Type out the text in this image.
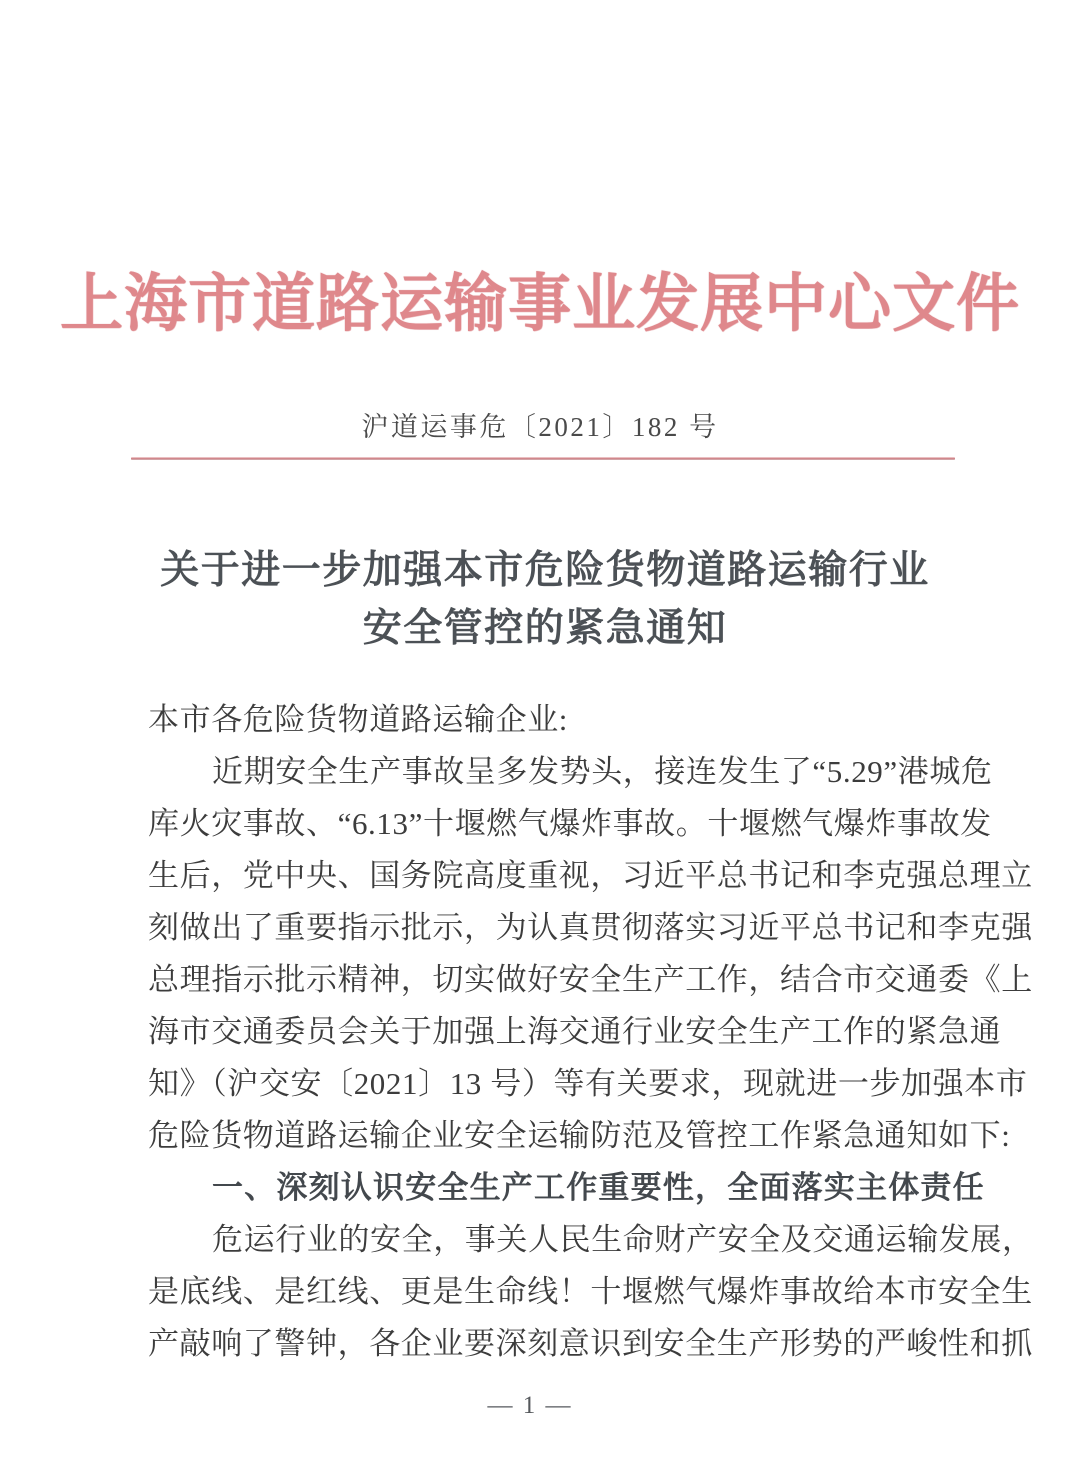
上海市道路运输事业发展中心文件
沪道运事危〔2021〕182 号
关于进一步加强本市危险货物道路运输行业
安全管控的紧急通知
本市各危险货物道路运输企业:
近期安全生产事故呈多发势头，接连发生了“5.29”港城危
库火灾事故、“6.13”十堰燃气爆炸事故。十堰燃气爆炸事故发
生后，党中央、国务院高度重视，习近平总书记和李克强总理立
刻做出了重要指示批示，为认真贯彻落实习近平总书记和李克强
总理指示批示精神，切实做好安全生产工作，结合市交通委《上
海市交通委员会关于加强上海交通行业安全生产工作的紧急通
知》（沪交安〔2021〕13 号）等有关要求，现就进一步加强本市
危险货物道路运输企业安全运输防范及管控工作紧急通知如下:
一、深刻认识安全生产工作重要性，全面落实主体责任
危运行业的安全，事关人民生命财产安全及交通运输发展，
是底线、是红线、更是生命线！十堰燃气爆炸事故给本市安全生
产敲响了警钟，各企业要深刻意识到安全生产形势的严峻性和抓
— 1 —
